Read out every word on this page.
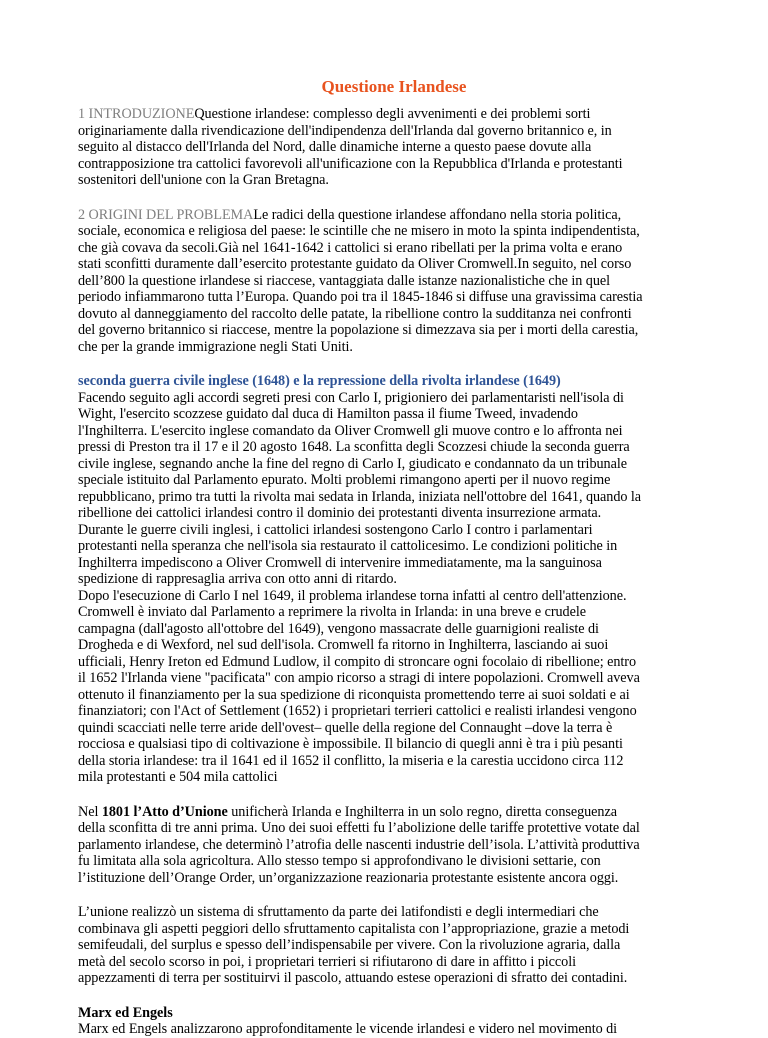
Questione Irlandese

1 INTRODUZIONEQuestione irlandese: complesso degli avvenimenti e dei problemi sorti
originariamente dalla rivendicazione dell'indipendenza dell'Irlanda dal governo britannico e, in
seguito al distacco dell'Irlanda del Nord, dalle dinamiche interne a questo paese dovute alla
contrapposizione tra cattolici favorevoli all'unificazione con la Repubblica d'Irlanda e protestanti
sostenitori dell'unione con la Gran Bretagna.

2 ORIGINI DEL PROBLEMALe radici della questione irlandese affondano nella storia politica,
sociale, economica e religiosa del paese: le scintille che ne misero in moto la spinta indipendentista,
che già covava da secoli.Già nel 1641-1642 i cattolici si erano ribellati per la prima volta e erano
stati sconfitti duramente dall’esercito protestante guidato da Oliver Cromwell.In seguito, nel corso
dell’800 la questione irlandese si riaccese, vantaggiata dalle istanze nazionalistiche che in quel
periodo infiammarono tutta l’Europa. Quando poi tra il 1845-1846 si diffuse una gravissima carestia
dovuto al danneggiamento del raccolto delle patate, la ribellione contro la sudditanza nei confronti
del governo britannico si riaccese, mentre la popolazione si dimezzava sia per i morti della carestia,
che per la grande immigrazione negli Stati Uniti.

seconda guerra civile inglese (1648) e la repressione della rivolta irlandese (1649)
Facendo seguito agli accordi segreti presi con Carlo I, prigioniero dei parlamentaristi nell'isola di
Wight, l'esercito scozzese guidato dal duca di Hamilton passa il fiume Tweed, invadendo
l'Inghilterra. L'esercito inglese comandato da Oliver Cromwell gli muove contro e lo affronta nei
pressi di Preston tra il 17 e il 20 agosto 1648. La sconfitta degli Scozzesi chiude la seconda guerra
civile inglese, segnando anche la fine del regno di Carlo I, giudicato e condannato da un tribunale
speciale istituito dal Parlamento epurato. Molti problemi rimangono aperti per il nuovo regime
repubblicano, primo tra tutti la rivolta mai sedata in Irlanda, iniziata nell'ottobre del 1641, quando la
ribellione dei cattolici irlandesi contro il dominio dei protestanti diventa insurrezione armata.
Durante le guerre civili inglesi, i cattolici irlandesi sostengono Carlo I contro i parlamentari
protestanti nella speranza che nell'isola sia restaurato il cattolicesimo. Le condizioni politiche in
Inghilterra impediscono a Oliver Cromwell di intervenire immediatamente, ma la sanguinosa
spedizione di rappresaglia arriva con otto anni di ritardo.
Dopo l'esecuzione di Carlo I nel 1649, il problema irlandese torna infatti al centro dell'attenzione.
Cromwell è inviato dal Parlamento a reprimere la rivolta in Irlanda: in una breve e crudele
campagna (dall'agosto all'ottobre del 1649), vengono massacrate delle guarnigioni realiste di
Drogheda e di Wexford, nel sud dell'isola. Cromwell fa ritorno in Inghilterra, lasciando ai suoi
ufficiali, Henry Ireton ed Edmund Ludlow, il compito di stroncare ogni focolaio di ribellione; entro
il 1652 l'Irlanda viene "pacificata" con ampio ricorso a stragi di intere popolazioni. Cromwell aveva
ottenuto il finanziamento per la sua spedizione di riconquista promettendo terre ai suoi soldati e ai
finanziatori; con l'Act of Settlement (1652) i proprietari terrieri cattolici e realisti irlandesi vengono
quindi scacciati nelle terre aride dell'ovest– quelle della regione del Connaught –dove la terra è
rocciosa e qualsiasi tipo di coltivazione è impossibile. Il bilancio di quegli anni è tra i più pesanti
della storia irlandese: tra il 1641 ed il 1652 il conflitto, la miseria e la carestia uccidono circa 112
mila protestanti e 504 mila cattolici

Nel 1801 l’Atto d’Unione unificherà Irlanda e Inghilterra in un solo regno, diretta conseguenza
della sconfitta di tre anni prima. Uno dei suoi effetti fu l’abolizione delle tariffe protettive votate dal
parlamento irlandese, che determinò l’atrofia delle nascenti industrie dell’isola. L’attività produttiva
fu limitata alla sola agricoltura. Allo stesso tempo si approfondivano le divisioni settarie, con
l’istituzione dell’Orange Order, un’organizzazione reazionaria protestante esistente ancora oggi.

L’unione realizzò un sistema di sfruttamento da parte dei latifondisti e degli intermediari che
combinava gli aspetti peggiori dello sfruttamento capitalista con l’appropriazione, grazie a metodi
semifeudali, del surplus e spesso dell’indispensabile per vivere. Con la rivoluzione agraria, dalla
metà del secolo scorso in poi, i proprietari terrieri si rifiutarono di dare in affitto i piccoli
appezzamenti di terra per sostituirvi il pascolo, attuando estese operazioni di sfratto dei contadini.

Marx ed Engels
Marx ed Engels analizzarono approfonditamente le vicende irlandesi e videro nel movimento di
